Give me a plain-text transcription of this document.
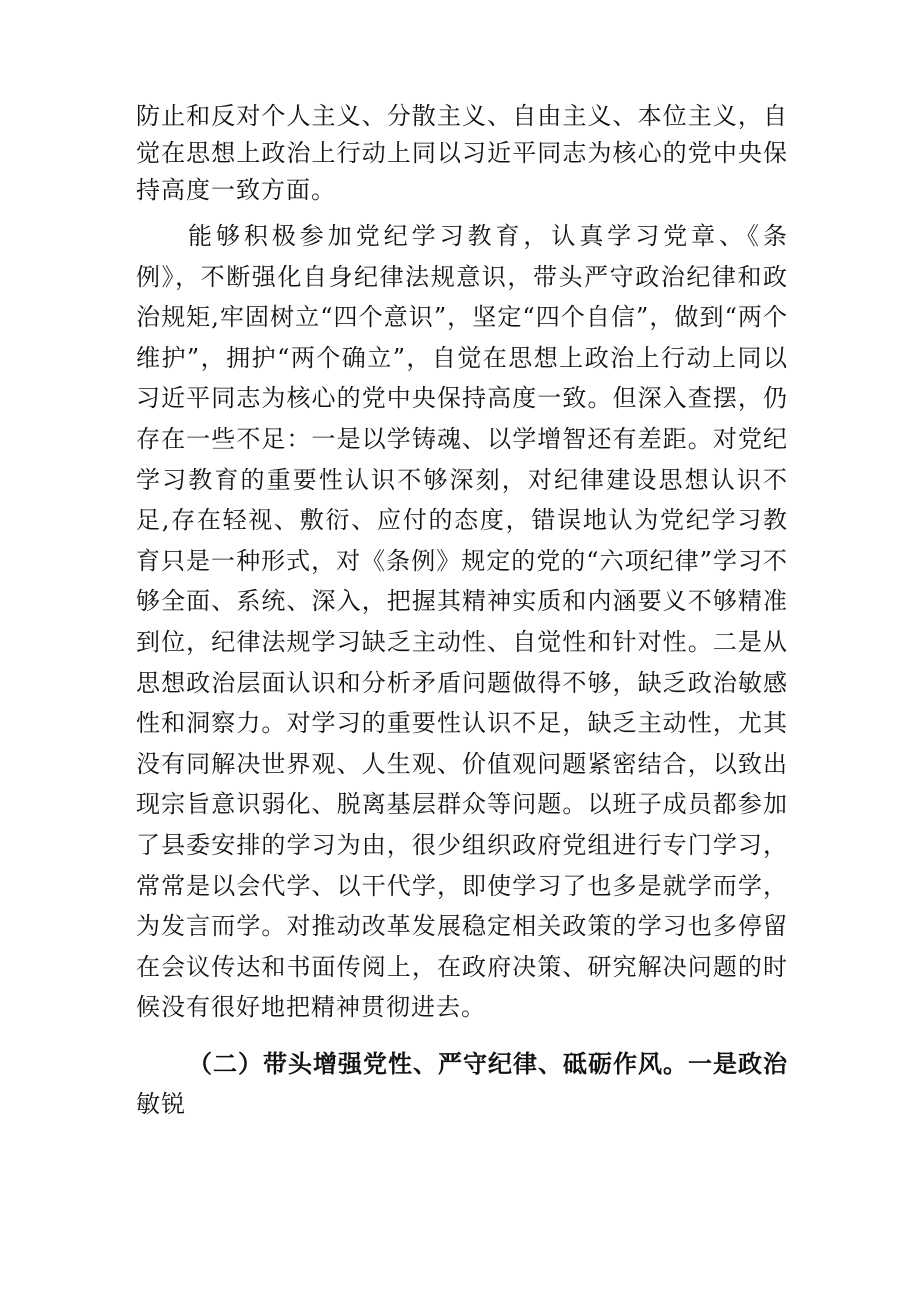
防止和反对个人主义、分散主义、自由主义、本位主义，自觉在思想上政治上行动上同以习近平同志为核心的党中央保持高度一致方面。

能够积极参加党纪学习教育，认真学习党章、《条例》，不断强化自身纪律法规意识，带头严守政治纪律和政治规矩,牢固树立“四个意识”，坚定“四个自信”，做到“两个维护”，拥护“两个确立”，自觉在思想上政治上行动上同以习近平同志为核心的党中央保持高度一致。但深入查摆，仍存在一些不足：一是以学铸魂、以学增智还有差距。对党纪学习教育的重要性认识不够深刻，对纪律建设思想认识不足,存在轻视、敷衍、应付的态度，错误地认为党纪学习教育只是一种形式，对《条例》规定的党的“六项纪律”学习不够全面、系统、深入，把握其精神实质和内涵要义不够精准到位，纪律法规学习缺乏主动性、自觉性和针对性。二是从思想政治层面认识和分析矛盾问题做得不够，缺乏政治敏感性和洞察力。对学习的重要性认识不足，缺乏主动性，尤其没有同解决世界观、人生观、价值观问题紧密结合，以致出现宗旨意识弱化、脱离基层群众等问题。以班子成员都参加了县委安排的学习为由，很少组织政府党组进行专门学习，常常是以会代学、以干代学，即使学习了也多是就学而学，为发言而学。对推动改革发展稳定相关政策的学习也多停留在会议传达和书面传阅上，在政府决策、研究解决问题的时候没有很好地把精神贯彻进去。

（二）带头增强党性、严守纪律、砥砺作风。一是政治敏锐
